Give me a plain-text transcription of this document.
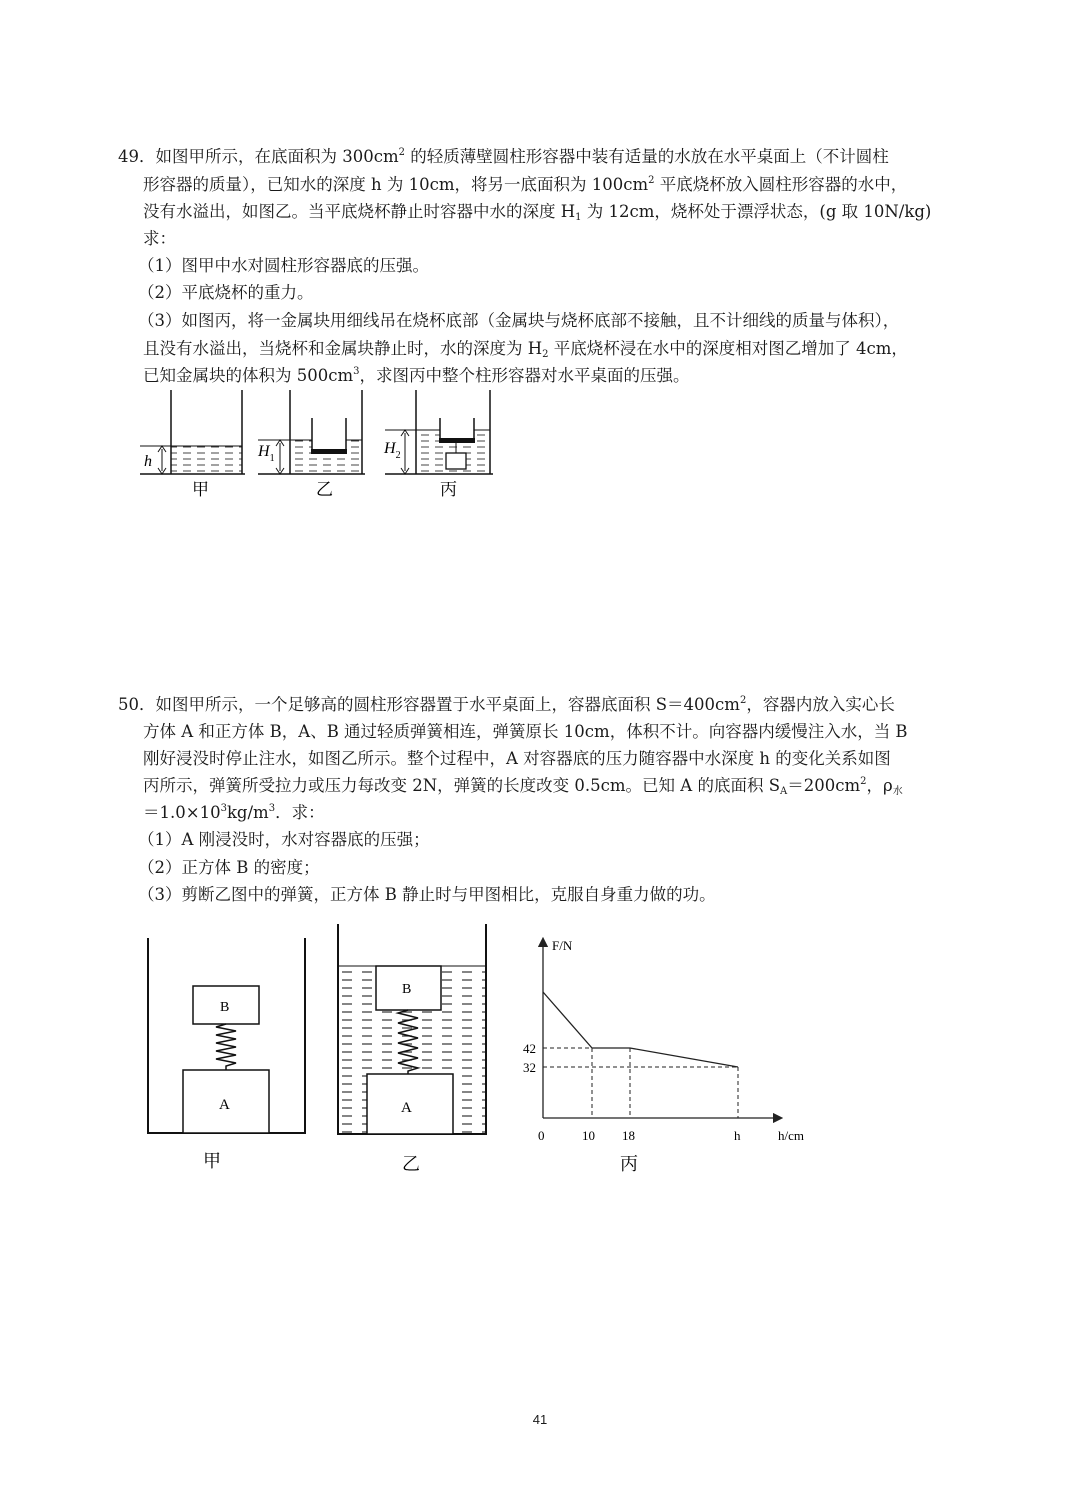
49．如图甲所示，在底面积为 $300cm^2$ 的轻质薄壁圆柱形容器中装有适量的水放在水平桌面上（不计圆柱
形容器的质量），已知水的深度 h 为 10cm，将另一底面积为 $100cm^2$ 平底烧杯放入圆柱形容器的水中，
没有水溢出，如图乙。当平底烧杯静止时容器中水的深度 $H_1$ 为 12cm，烧杯处于漂浮状态，(g 取 10N/kg)
求：
（1）图甲中水对圆柱形容器底的压强。
（2）平底烧杯的重力。
（3）如图丙，将一金属块用细线吊在烧杯底部（金属块与烧杯底部不接触，且不计细线的质量与体积），
且没有水溢出，当烧杯和金属块静止时，水的深度为 $H_2$ 平底烧杯浸在水中的深度相对图乙增加了 4cm，
已知金属块的体积为 $500cm^3$，求图丙中整个柱形容器对水平桌面的压强。
50．如图甲所示，一个足够高的圆柱形容器置于水平桌面上，容器底面积 $S=400cm^2$，容器内放入实心长
方体 A 和正方体 B，A、B 通过轻质弹簧相连，弹簧原长 10cm，体积不计。向容器内缓慢注入水，当 B
刚好浸没时停止注水，如图乙所示。整个过程中，A 对容器底的压力随容器中水深度 h 的变化关系如图
丙所示，弹簧所受拉力或压力每改变 2N，弹簧的长度改变 0.5cm。已知 A 的底面积 $S_A=200cm^2$，$\rho_水$
$=1.0\times 10^3kg/m^3$．求：
（1）A 刚浸没时，水对容器底的压强；
（2）正方体 B 的密度；
（3）剪断乙图中的弹簧，正方体 B 静止时与甲图相比，克服自身重力做的功。
h
甲
$H_1$
乙
$H_2$
丙
A
B
甲
A
B
乙
F/N
h/cm
0	10 18	h
42
32
丙
41
